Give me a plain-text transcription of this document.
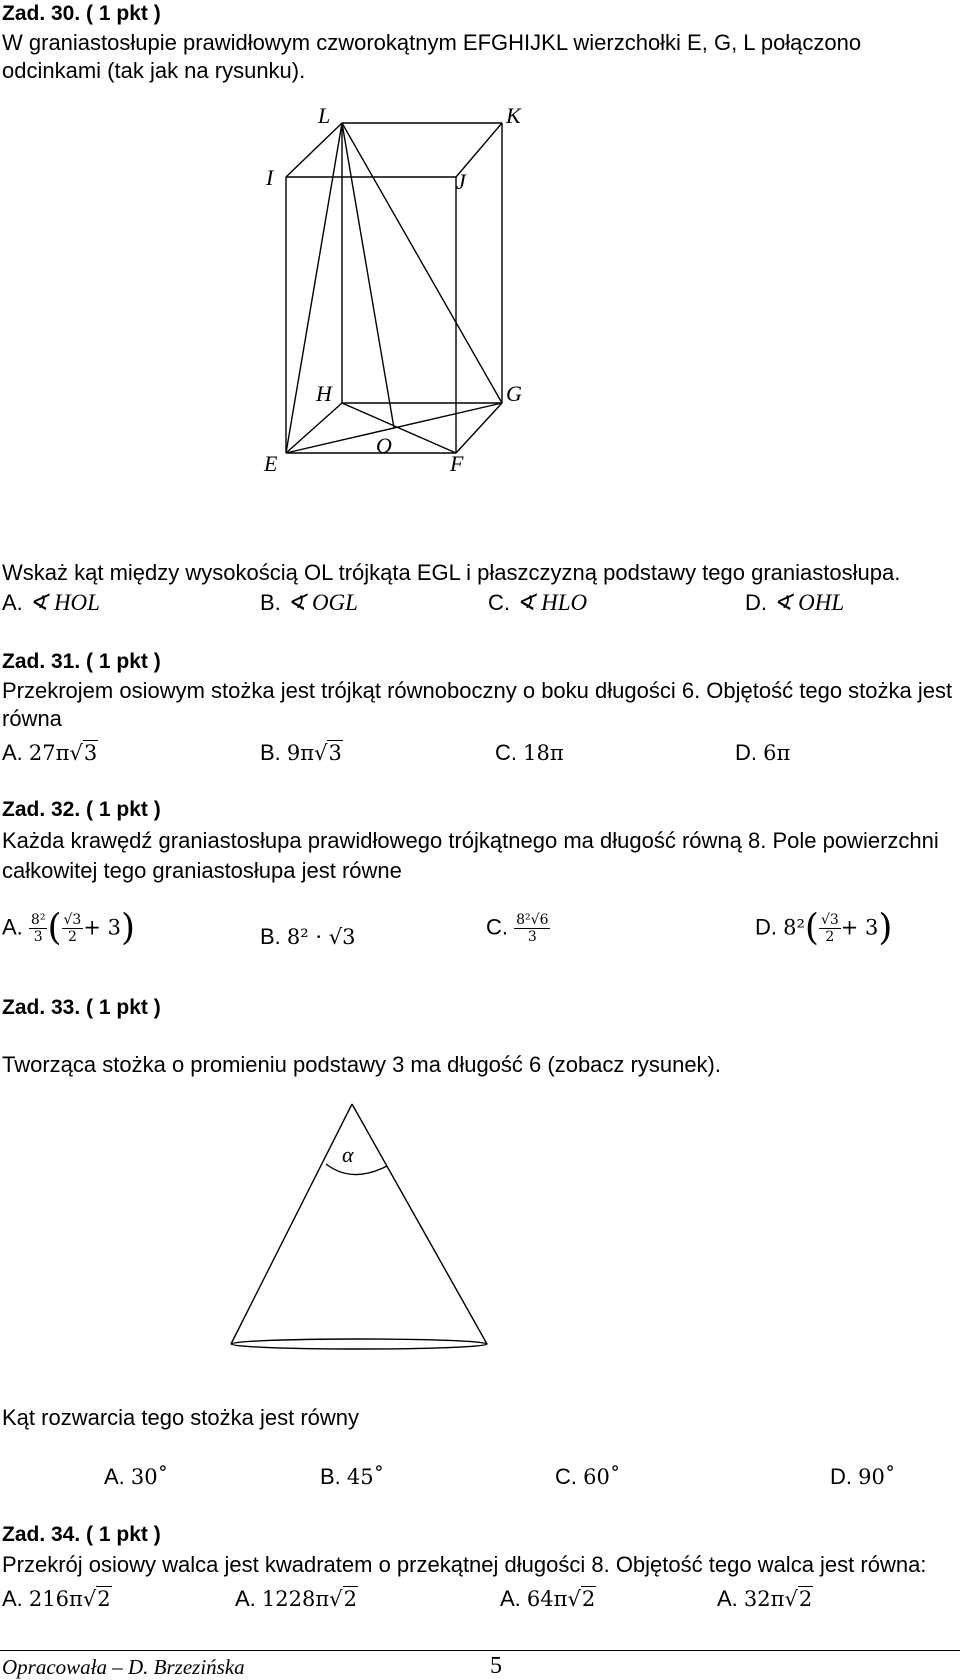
Zad. 30. ( 1 pkt )
W graniastosłupie prawidłowym czworokątnym EFGHIJKL wierzchołki E, G, L połączono
odcinkami (tak jak na rysunku).
L	K
I	J
H	G
O
E	F
Wskaż kąt między wysokością OL trójkąta EGL i płaszczyzną podstawy tego graniastosłupa.
A. ∢ HOL	B. ∢ OGL	C. ∢ HLO	D. ∢ OHL
Zad. 31. ( 1 pkt )
Przekrojem osiowym stożka jest trójkąt równoboczny o boku długości 6. Objętość tego stożka jest
równa
A. 27π√3	B. 9π√3	C. 18π	D. 6π
Zad. 32. ( 1 pkt )
Każda krawędź graniastosłupa prawidłowego trójkątnego ma długość równą 8. Pole powierzchni
całkowitej tego graniastosłupa jest równe
A. $\frac{\text{8²}}{3}$ ( $\frac{√3}{2} + 3$)	B. 8² · √3	C. $\frac{\text{8²√6}}{3}$	D. $8^2( \frac{√3}{2} + 3)$
Zad. 33. ( 1 pkt )
Tworząca stożka o promieniu podstawy 3 ma długość 6 (zobacz rysunek).
α
Kąt rozwarcia tego stożka jest równy
A. 30˚	B. 45˚	C. 60˚	D. 90˚
Zad. 34. ( 1 pkt )
Przekrój osiowy walca jest kwadratem o przekątnej długości 8. Objętość tego walca jest równa:
A. 216π√2	A. 1228π√2	A. 64π√2	A. 32π√2
Opracowała – D. Brzezińska	5
